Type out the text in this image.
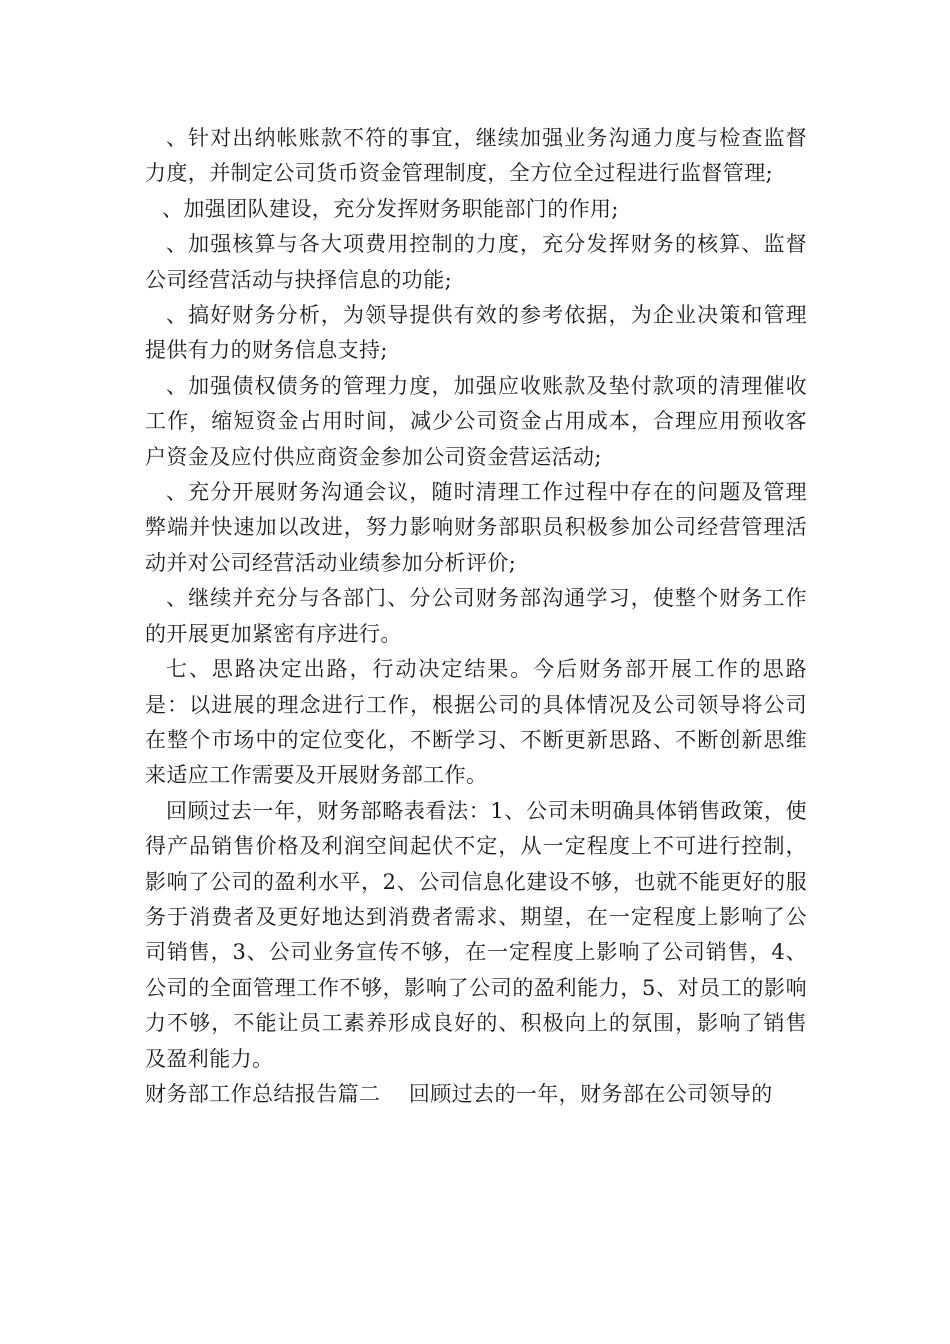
、针对出纳帐账款不符的事宜，继续加强业务沟通力度与检查监督力度，并制定公司货币资金管理制度，全方位全过程进行监督管理;

、加强团队建设，充分发挥财务职能部门的作用;

、加强核算与各大项费用控制的力度，充分发挥财务的核算、监督公司经营活动与抉择信息的功能;

、搞好财务分析，为领导提供有效的参考依据，为企业决策和管理提供有力的财务信息支持;

、加强债权债务的管理力度，加强应收账款及垫付款项的清理催收工作，缩短资金占用时间，减少公司资金占用成本，合理应用预收客户资金及应付供应商资金参加公司资金营运活动;

、充分开展财务沟通会议，随时清理工作过程中存在的问题及管理弊端并快速加以改进，努力影响财务部职员积极参加公司经营管理活动并对公司经营活动业绩参加分析评价;

、继续并充分与各部门、分公司财务部沟通学习，使整个财务工作的开展更加紧密有序进行。

七、思路决定出路，行动决定结果。今后财务部开展工作的思路是：以进展的理念进行工作，根据公司的具体情况及公司领导将公司在整个市场中的定位变化，不断学习、不断更新思路、不断创新思维来适应工作需要及开展财务部工作。

回顾过去一年，财务部略表看法：1、公司未明确具体销售政策，使得产品销售价格及利润空间起伏不定，从一定程度上不可进行控制，影响了公司的盈利水平，2、公司信息化建设不够，也就不能更好的服务于消费者及更好地达到消费者需求、期望，在一定程度上影响了公司销售，3、公司业务宣传不够，在一定程度上影响了公司销售，4、公司的全面管理工作不够，影响了公司的盈利能力，5、对员工的影响力不够，不能让员工素养形成良好的、积极向上的氛围，影响了销售及盈利能力。

财务部工作总结报告篇二　 回顾过去的一年，财务部在公司领导的
